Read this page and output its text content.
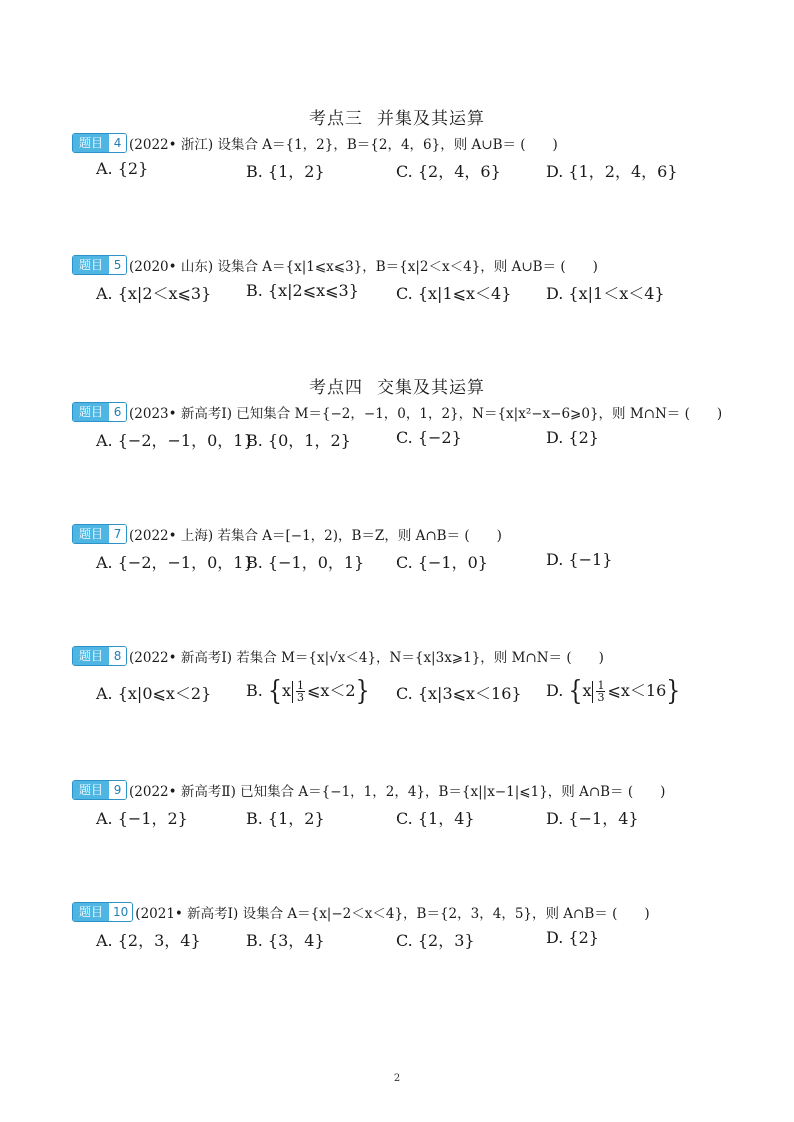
考点三 并集及其运算
题目 4 (2022• 浙江) 设集合 A＝{1，2}，B＝{2，4，6}，则 A∪B＝ (　　)
A. {2}	B. {1，2}	C. {2，4，6}	D. {1，2，4，6}
题目 5 (2020• 山东) 设集合 A＝{x|1⩽x⩽3}，B＝{x|2＜x＜4}，则 A∪B＝ (　　)
A. {x|2＜x⩽3} B. {x|2⩽x⩽3} C. {x|1⩽x＜4} D. {x|1＜x＜4}
考点四 交集及其运算
题目 6 (2023• 新高考Ⅰ) 已知集合 M＝{−2，−1，0，1，2}，N＝{x|x²−x−6⩾0}，则 M∩N＝ (　　)
A. {−2，−1，0，1}
B. {0，1，2}	C. {−2}	D. {2}
题目 7 (2022• 上海) 若集合 A＝[−1，2)，B＝Z，则 A∩B＝ (　　)
A. {−2，−1，0，1}
B. {−1，0，1} C. {−1，0}	D. {−1}
题目 8 (2022• 新高考Ⅰ) 若集合 M＝{x|√x＜4}，N＝{x|3x⩾1}，则 M∩N＝ (　　)
A. {x|0⩽x＜2} B. {$x \frac{1}{3}$ ⩽x＜2} C. {x|3⩽x＜16} D. {$x \frac{1}{3}$ ⩽x＜16}
题目 9 (2022• 新高考Ⅱ) 已知集合 A＝{−1，1，2，4}，B＝{x||x−1|⩽1}，则 A∩B＝ (　　)
A. {−1，2}	B. {1，2}	C. {1，4}	D. {−1，4}
题目 10 (2021• 新高考Ⅰ) 设集合 A＝{x|−2＜x＜4}，B＝{2，3，4，5}，则 A∩B＝ (　　)
A. {2，3，4}	B. {3，4}	C. {2，3}	D. {2}
2
